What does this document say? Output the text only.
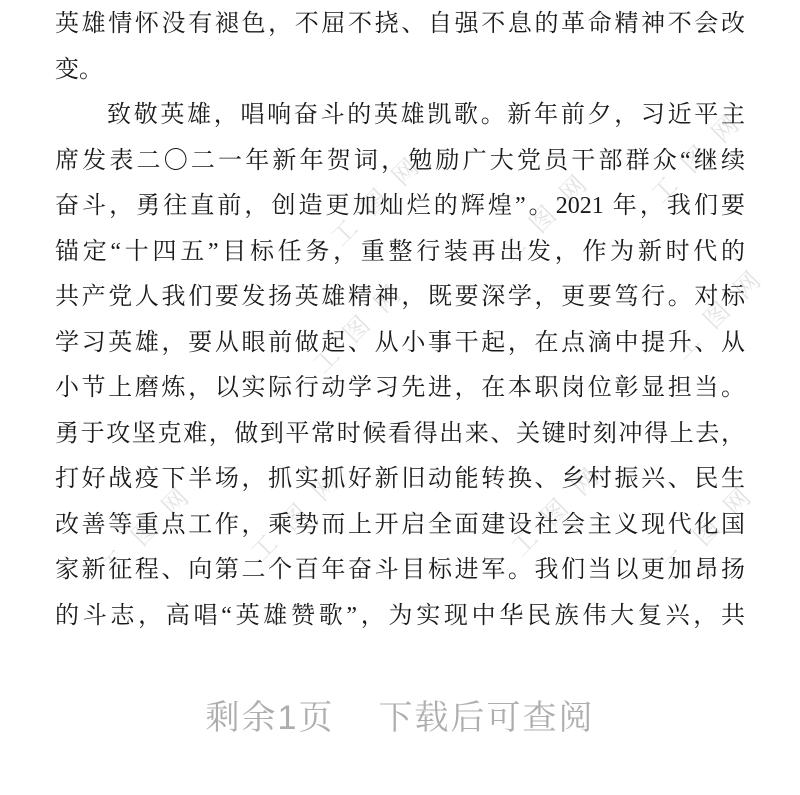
工图网 工图网
工图网
工图网	工图网
工图网 工图网	工图网 工图网
英雄情怀没有褪色，不屈不挠、自强不息的革命精神不会改
变。
致敬英雄，唱响奋斗的英雄凯歌。新年前夕，习近平主
席发表二〇二一年新年贺词，勉励广大党员干部群众“继续
奋斗，勇往直前，创造更加灿烂的辉煌”。2021 年，我们要
锚定“十四五”目标任务，重整行装再出发，作为新时代的
共产党人我们要发扬英雄精神，既要深学，更要笃行。对标
学习英雄，要从眼前做起、从小事干起，在点滴中提升、从
小节上磨炼，以实际行动学习先进，在本职岗位彰显担当。
勇于攻坚克难，做到平常时候看得出来、关键时刻冲得上去，
打好战疫下半场，抓实抓好新旧动能转换、乡村振兴、民生
改善等重点工作，乘势而上开启全面建设社会主义现代化国
家新征程、向第二个百年奋斗目标进军。我们当以更加昂扬
的斗志，高唱“英雄赞歌”，为实现中华民族伟大复兴，共
剩余1页 下载后可查阅
